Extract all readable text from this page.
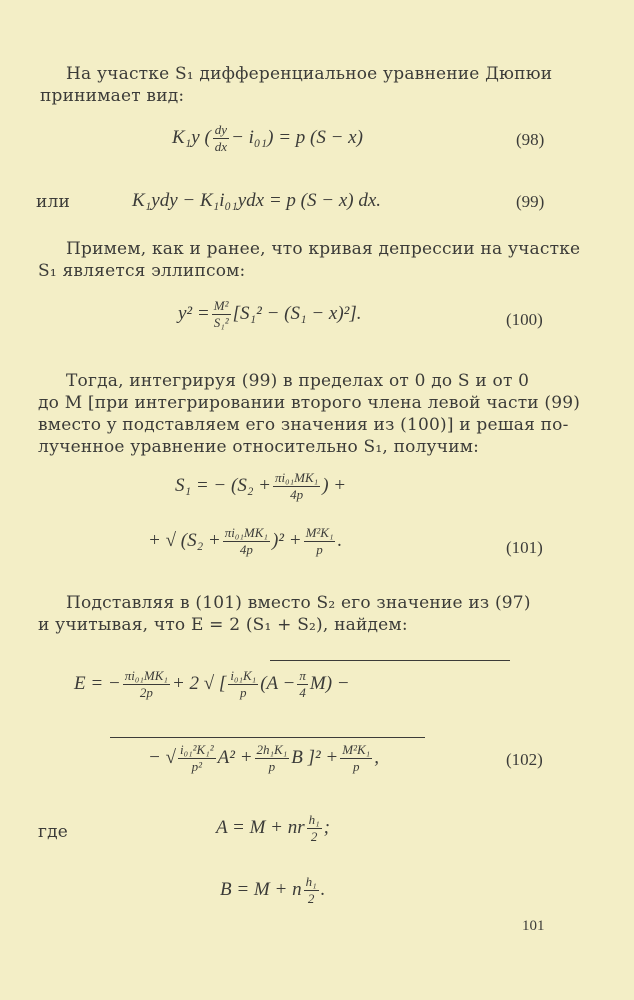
На участке S₁ дифференциальное уравнение Дюпюи
принимает вид:
K₁y ( $\frac{dy}{dx} - i_{01}) = p$ (S − x)	(98)
или	K₁ydy − K₁i₀₁ydx = p (S − x) dx.	(99)
Примем, как и ранее, что кривая депрессии на участке
S₁ является эллипсом:
$y^2 = \frac{\text{M²}}{\text{S₁²}} [S_1^2 - (S_1 - x)^2]$.	(100)
Тогда, интегрируя (99) в пределах от 0 до S и от 0
до M [при интегрировании второго члена левой части (99)
вместо y подставляем его значения из (100)] и решая по-
лученное уравнение относительно S₁, получим:
S₁ = − ($S_2 + \frac{\text{πi₀₁MK₁}}{4p}$ ) +
+ √ $(S_2 + \frac{\text{πi₀₁MK₁}}{4p} )^2 + \frac{\text{M²K₁}}{p}$ .	(101)
Подставляя в (101) вместо S₂ его значение из (97)
и учитывая, что E = 2 (S₁ + S₂), найдем:
E = − $\frac{\text{πi₀₁MK₁}}{2p} + 2$ √ [ $\frac{\text{i₀₁K₁}}{p} (A - \frac{\pi}{4} M)$ −
− √ $\frac{\text{i₀₁²K₁²}}{\text{p²}} A^2 + \frac{\text{2h₁K₁}}{p}$ B ]$^2 + \frac{\text{M²K₁}}{p}$ ,	(102)
где	A = M + nr $\frac{\text{h₁}}{2}$ ;
B = M + n $\frac{\text{h₁}}{2}$ .
101
